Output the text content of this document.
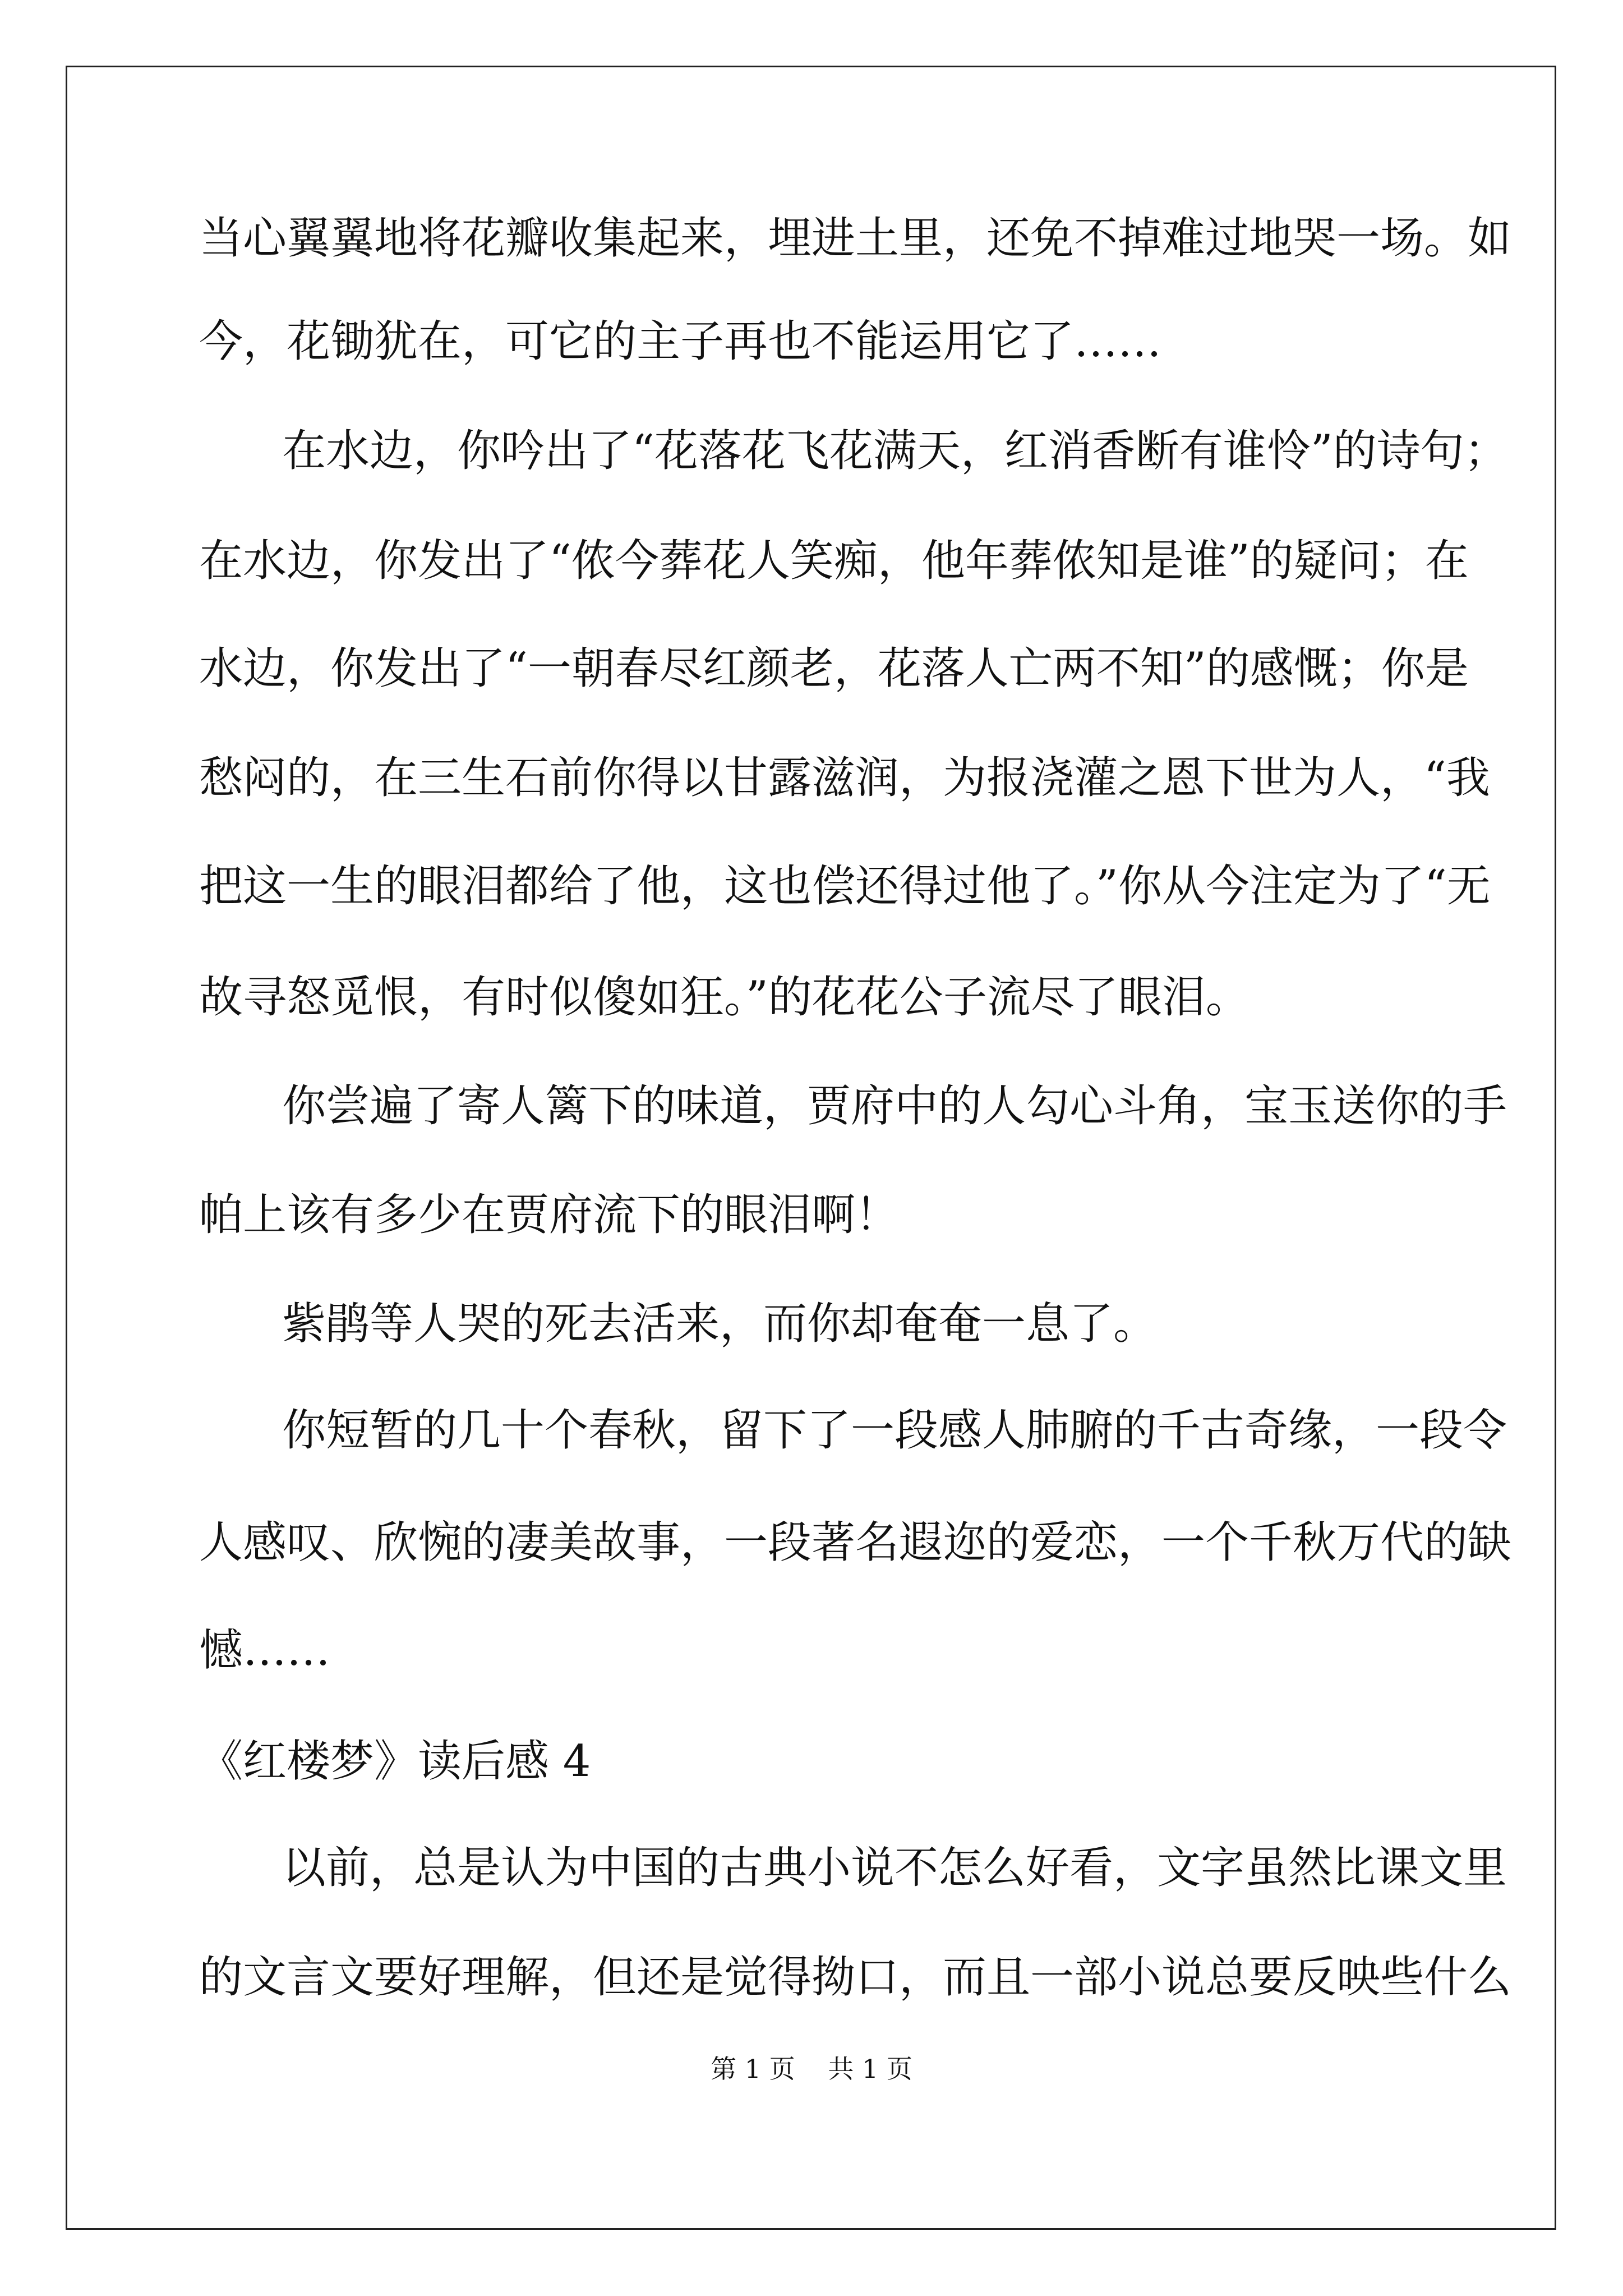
当心翼翼地将花瓣收集起来，埋进土里，还免不掉难过地哭一场。如
今，花锄犹在，可它的主子再也不能运用它了……
在水边，你吟出了“花落花飞花满天，红消香断有谁怜”的诗句；
在水边，你发出了“侬今葬花人笑痴，他年葬侬知是谁”的疑问；在
水边，你发出了“一朝春尽红颜老，花落人亡两不知”的感慨；你是
愁闷的，在三生石前你得以甘露滋润，为报浇灌之恩下世为人，“我
把这一生的眼泪都给了他，这也偿还得过他了。”你从今注定为了“无
故寻怒觅恨，有时似傻如狂。”的花花公子流尽了眼泪。
你尝遍了寄人篱下的味道，贾府中的人勾心斗角，宝玉送你的手
帕上该有多少在贾府流下的眼泪啊！
紫鹃等人哭的死去活来，而你却奄奄一息了。
你短暂的几十个春秋，留下了一段感人肺腑的千古奇缘，一段令
人感叹、欣惋的凄美故事，一段著名遐迩的爱恋，一个千秋万代的缺
憾……
《红楼梦》读后感 4
以前，总是认为中国的古典小说不怎么好看，文字虽然比课文里
的文言文要好理解，但还是觉得拗口，而且一部小说总要反映些什么
第 1 页 共 1 页
